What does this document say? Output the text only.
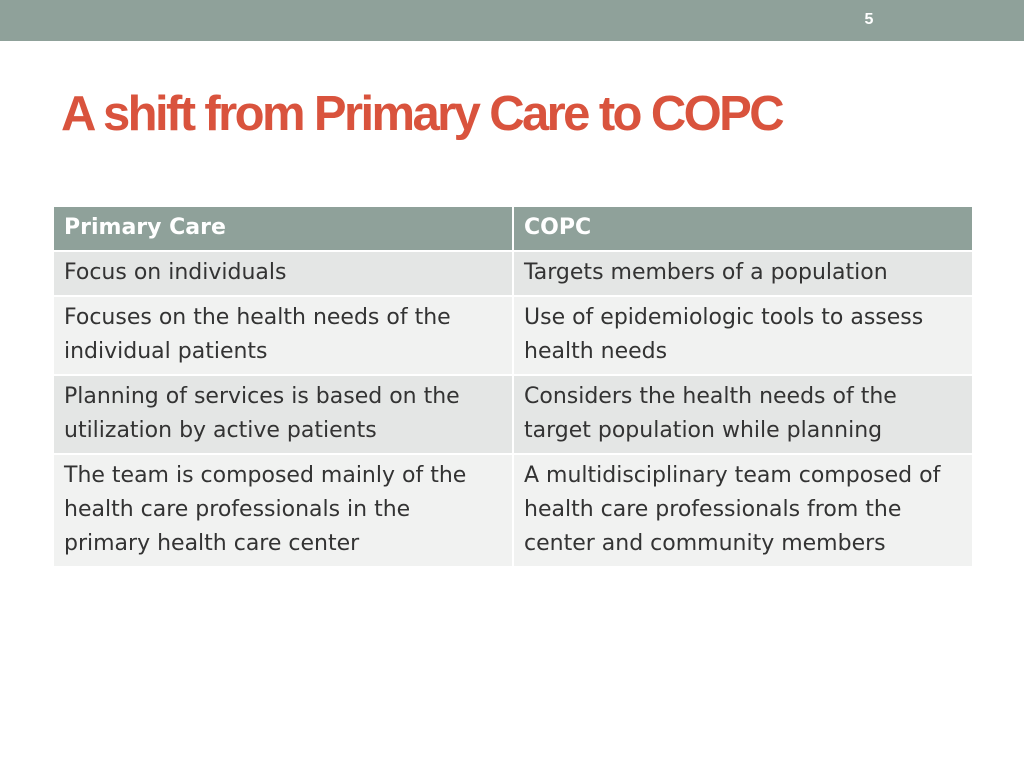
5
A shift from Primary Care to COPC
Primary Care	COPC
Focus on individuals	Targets members of a population
Focuses on the health needs of the individual patients	Use of epidemiologic tools to assess health needs
Planning of services is based on the utilization by active patients	Considers the health needs of the target population while planning
The team is composed mainly of the health care professionals in the primary health care center	A multidisciplinary team composed of health care professionals from the center and community members
